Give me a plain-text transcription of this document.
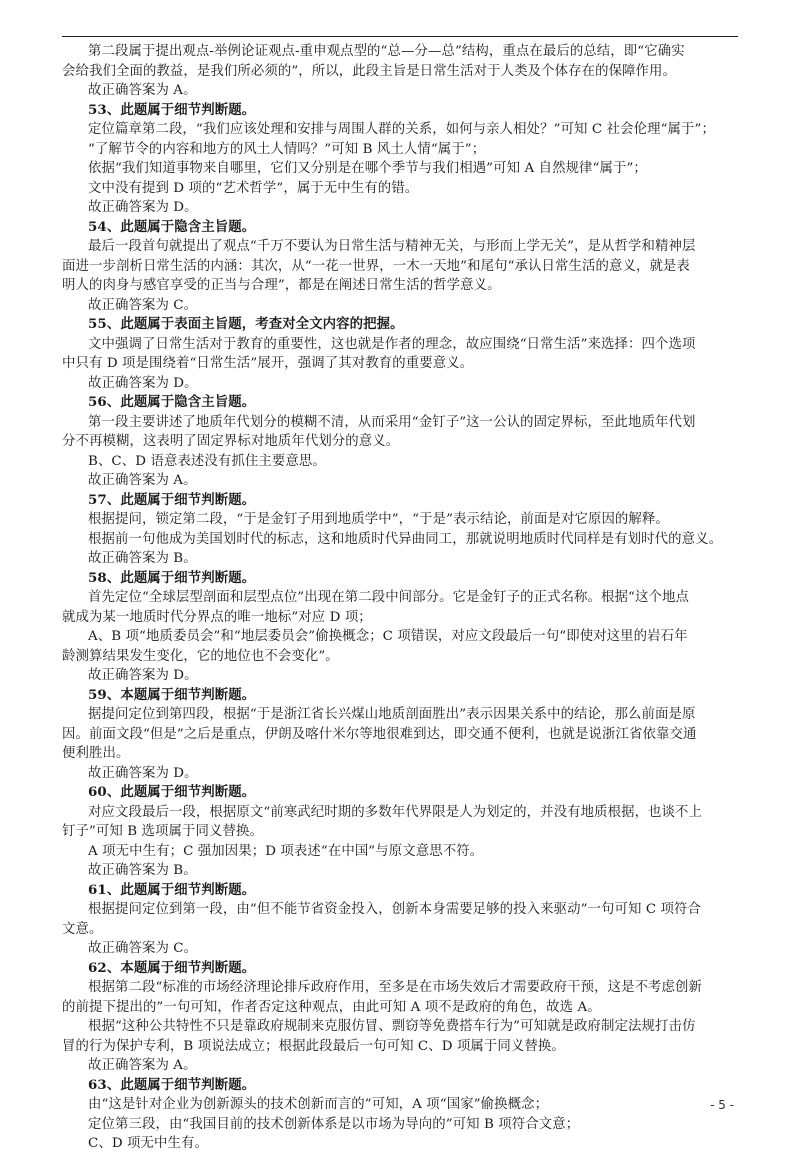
第二段属于提出观点-举例论证观点-重申观点型的“总—分—总”结构，重点在最后的总结，即“它确实
会给我们全面的教益，是我们所必须的”，所以，此段主旨是日常生活对于人类及个体存在的保障作用。
故正确答案为 A。
53、此题属于细节判断题。
定位篇章第二段，“我们应该处理和安排与周围人群的关系，如何与亲人相处？”可知 C 社会伦理“属于”；
“了解节令的内容和地方的风土人情吗？”可知 B 风土人情“属于”；
依据“我们知道事物来自哪里，它们又分别是在哪个季节与我们相遇”可知 A 自然规律“属于”；
文中没有提到 D 项的“艺术哲学”，属于无中生有的错。
故正确答案为 D。
54、此题属于隐含主旨题。
最后一段首句就提出了观点“千万不要认为日常生活与精神无关，与形而上学无关”，是从哲学和精神层
面进一步剖析日常生活的内涵：其次，从“一花一世界，一木一天地”和尾句“承认日常生活的意义，就是表
明人的肉身与感官享受的正当与合理”，都是在阐述日常生活的哲学意义。
故正确答案为 C。
55、此题属于表面主旨题，考查对全文内容的把握。
文中强调了日常生活对于教育的重要性，这也就是作者的理念，故应围绕“日常生活”来选择：四个选项
中只有 D 项是围绕着“日常生活”展开，强调了其对教育的重要意义。
故正确答案为 D。
56、此题属于隐含主旨题。
第一段主要讲述了地质年代划分的模糊不清，从而采用“金钉子”这一公认的固定界标，至此地质年代划
分不再模糊，这表明了固定界标对地质年代划分的意义。
B、C、D 语意表述没有抓住主要意思。
故正确答案为 A。
57、此题属于细节判断题。
根据提问，锁定第二段，“于是金钉子用到地质学中”，“于是”表示结论，前面是对它原因的解释。
根据前一句他成为美国划时代的标志，这和地质时代异曲同工，那就说明地质时代同样是有划时代的意义。
故正确答案为 B。
58、此题属于细节判断题。
首先定位“全球层型剖面和层型点位”出现在第二段中间部分。它是金钉子的正式名称。根据“这个地点
就成为某一地质时代分界点的唯一地标”对应 D 项；
A、B 项“地质委员会”和“地层委员会”偷换概念；C 项错误，对应文段最后一句“即使对这里的岩石年
龄测算结果发生变化，它的地位也不会变化”。
故正确答案为 D。
59、本题属于细节判断题。
据提问定位到第四段，根据“于是浙江省长兴煤山地质剖面胜出”表示因果关系中的结论，那么前面是原
因。前面文段“但是”之后是重点，伊朗及喀什米尔等地很难到达，即交通不便利，也就是说浙江省依靠交通
便利胜出。
故正确答案为 D。
60、此题属于细节判断题。
对应文段最后一段，根据原文“前寒武纪时期的多数年代界限是人为划定的，并没有地质根据，也谈不上
钉子”可知 B 选项属于同义替换。
A 项无中生有；C 强加因果；D 项表述“在中国”与原文意思不符。
故正确答案为 B。
61、此题属于细节判断题。
根据提问定位到第一段，由“但不能节省资金投入，创新本身需要足够的投入来驱动”一句可知 C 项符合
文意。
故正确答案为 C。
62、本题属于细节判断题。
根据第二段“标准的市场经济理论排斥政府作用，至多是在市场失效后才需要政府干预，这是不考虑创新
的前提下提出的”一句可知，作者否定这种观点，由此可知 A 项不是政府的角色，故选 A。
根据“这种公共特性不只是靠政府规制来克服仿冒、剽窃等免费搭车行为”可知就是政府制定法规打击仿
冒的行为保护专利，B 项说法成立；根据此段最后一句可知 C、D 项属于同义替换。
故正确答案为 A。
63、此题属于细节判断题。
由“这是针对企业为创新源头的技术创新而言的”可知，A 项“国家”偷换概念；
定位第三段，由“我国目前的技术创新体系是以市场为导向的”可知 B 项符合文意；
C、D 项无中生有。
- 5 -
